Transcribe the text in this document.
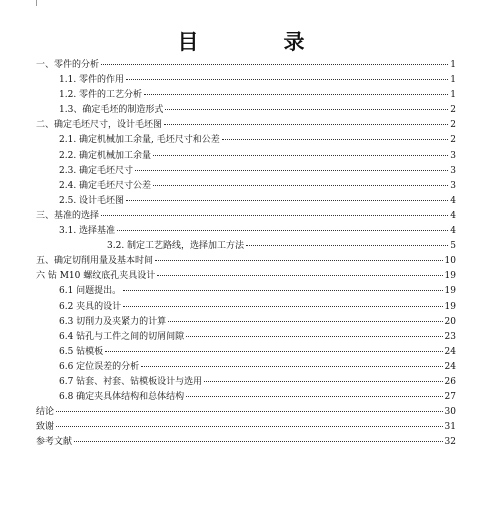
目　录
一、零件的分析	1
1.1. 零件的作用	1
1.2. 零件的工艺分析	1
1.3、确定毛坯的制造形式	2
二、确定毛坯尺寸，设计毛坯图	2
2.1. 确定机械加工余量, 毛坯尺寸和公差	2
2.2. 确定机械加工余量	3
2.3. 确定毛坯尺寸	3
2.4. 确定毛坯尺寸公差	3
2.5. 设计毛坯图	4
三、基准的选择	4
3.1. 选择基准	4
3.2. 制定工艺路线，选择加工方法	5
五、确定切削用量及基本时间	10
六 钻 M10 螺纹底孔夹具设计	19
6.1 问题提出。	19
6.2 夹具的设计	19
6.3 切削力及夹紧力的计算	20
6.4 钻孔与工件之间的切屑间隙	23
6.5 钻模板	24
6.6 定位误差的分析	24
6.7 钻套、衬套、钻模板设计与选用	26
6.8 确定夹具体结构和总体结构	27
结论	30
致谢	31
参考文献	32
